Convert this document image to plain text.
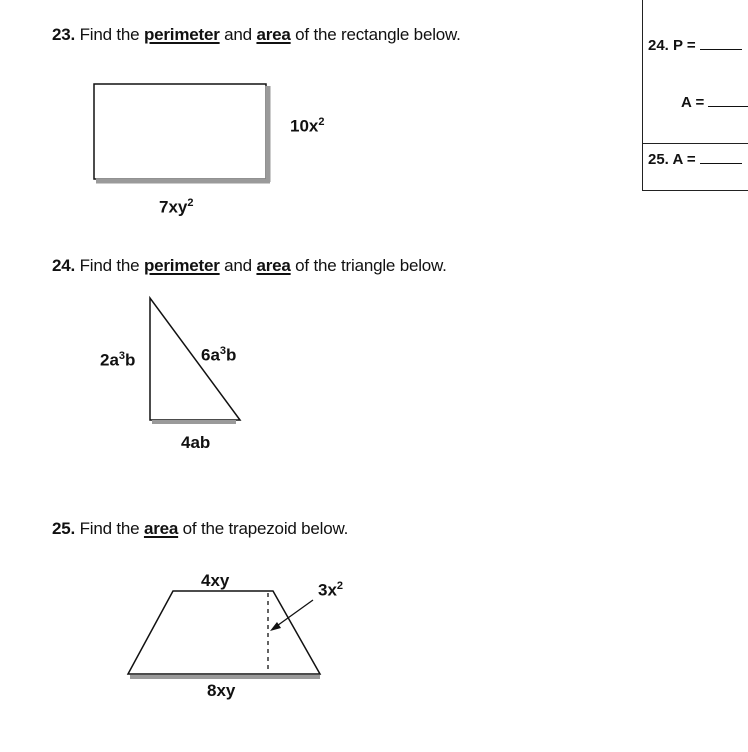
23. Find the perimeter and area of the rectangle below.
24. Find the perimeter and area of the triangle below.
25. Find the area of the trapezoid below.
$10x^2$
$7xy^2$
$2a^3b$	$6a^3b$
4ab
4xy
$3x^2$
8xy
24. P =
A =
25. A =
